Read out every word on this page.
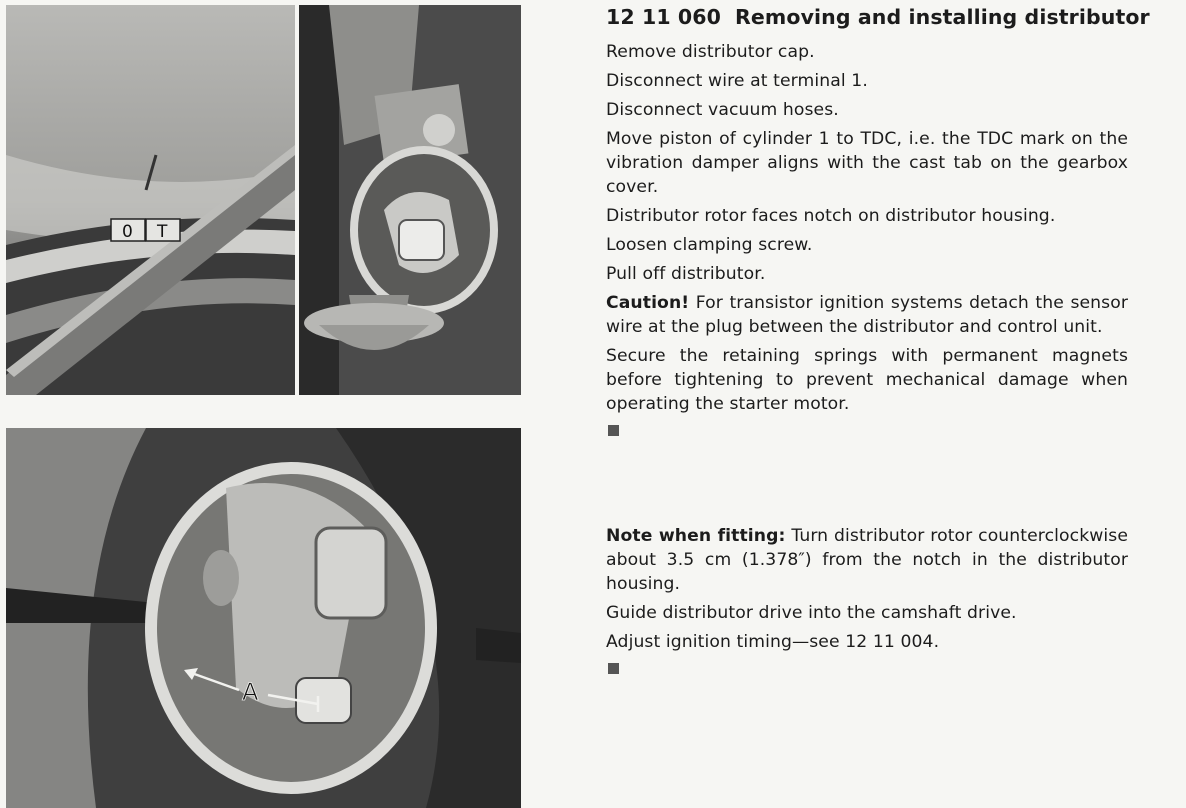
0 T
A
12 11 060 Removing and installing distributor

Remove distributor cap.

Disconnect wire at terminal 1.

Disconnect vacuum hoses.

Move piston of cylinder 1 to TDC, i.e. the TDC mark on the vibration damper aligns with the cast tab on the gearbox cover.

Distributor rotor faces notch on distributor housing.

Loosen clamping screw.

Pull off distributor.

Caution! For transistor ignition systems detach the sensor wire at the plug between the distributor and control unit.

Secure the retaining springs with permanent magnets before tightening to prevent mechanical damage when operating the starter motor.

Note when fitting: Turn distributor rotor counterclockwise about 3.5 cm (1.378″) from the notch in the distributor housing.

Guide distributor drive into the camshaft drive.

Adjust ignition timing—see 12 11 004.
